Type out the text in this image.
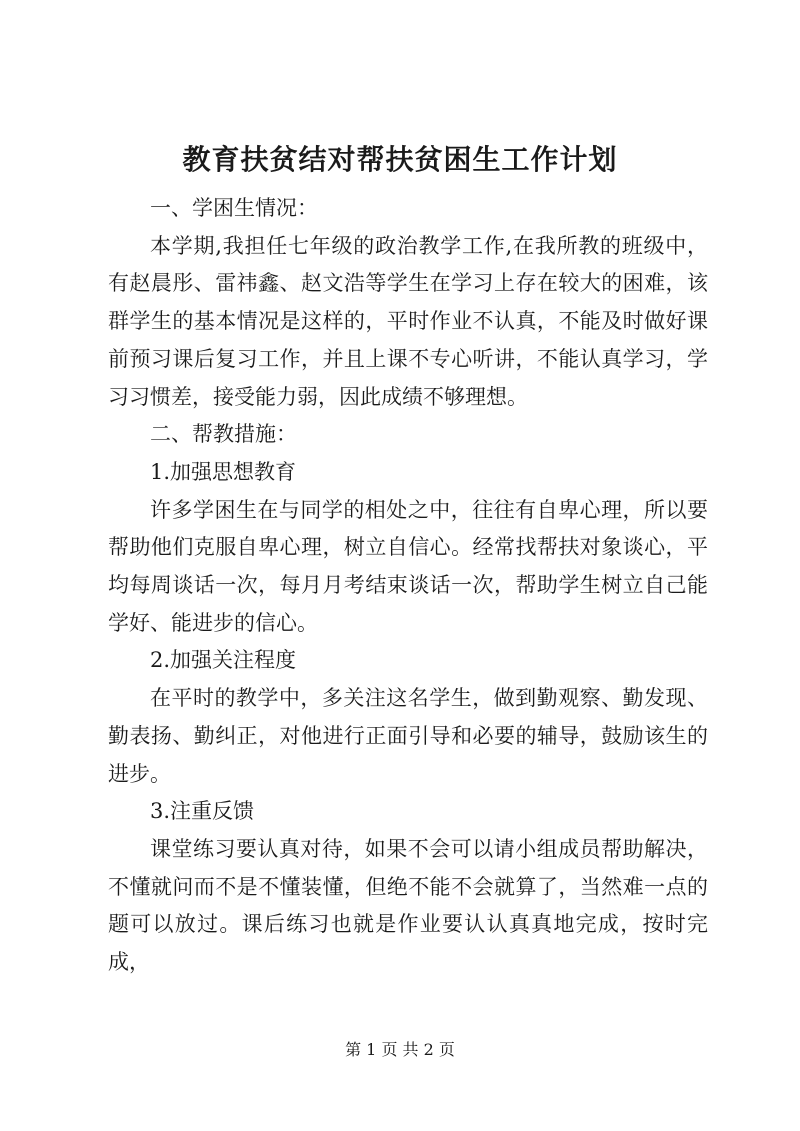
教育扶贫结对帮扶贫困生工作计划

一、学困生情况：

本学期,我担任七年级的政治教学工作,在我所教的班级中，有赵晨彤、雷祎鑫、赵文浩等学生在学习上存在较大的困难，该群学生的基本情况是这样的，平时作业不认真，不能及时做好课前预习课后复习工作，并且上课不专心听讲，不能认真学习，学习习惯差，接受能力弱，因此成绩不够理想。

二、帮教措施：

1.加强思想教育

许多学困生在与同学的相处之中，往往有自卑心理，所以要帮助他们克服自卑心理，树立自信心。经常找帮扶对象谈心，平均每周谈话一次，每月月考结束谈话一次，帮助学生树立自己能学好、能进步的信心。

2.加强关注程度

在平时的教学中，多关注这名学生，做到勤观察、勤发现、勤表扬、勤纠正，对他进行正面引导和必要的辅导，鼓励该生的进步。

3.注重反馈

课堂练习要认真对待，如果不会可以请小组成员帮助解决，不懂就问而不是不懂装懂，但绝不能不会就算了，当然难一点的题可以放过。课后练习也就是作业要认认真真地完成，按时完成，

第 1 页 共 2 页
